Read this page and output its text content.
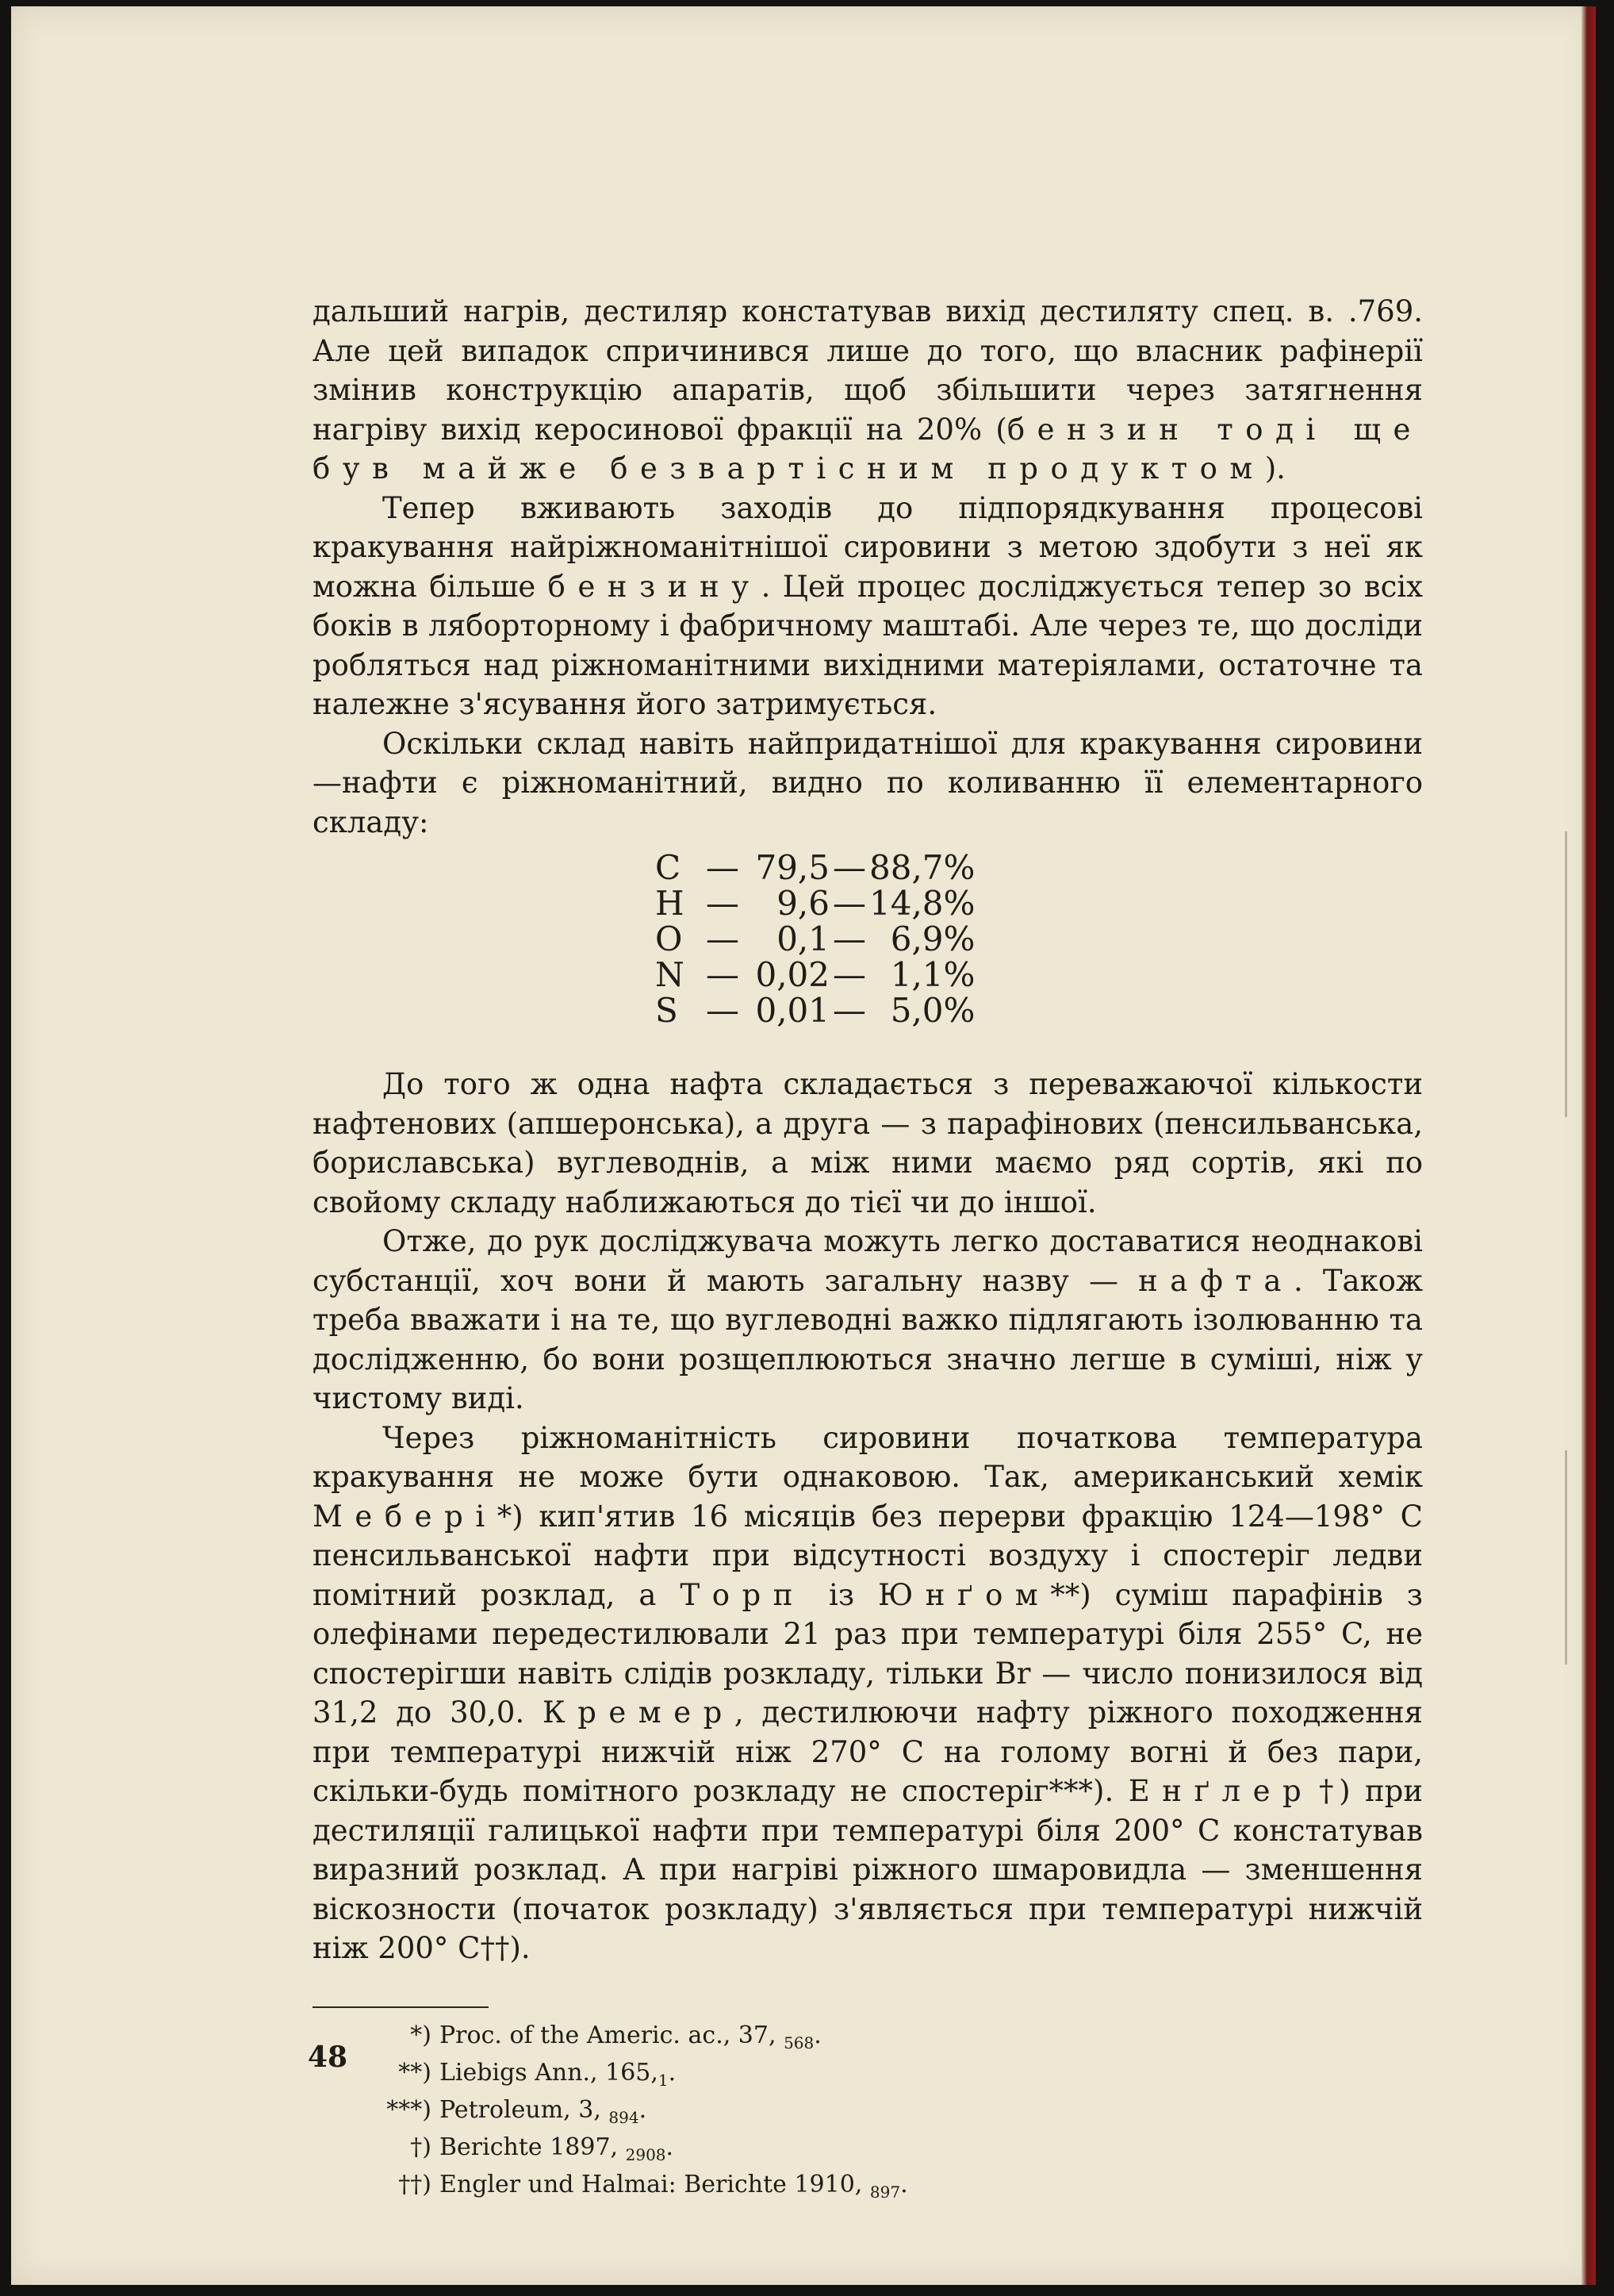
дальший нагрів, дестиляр констатував вихід дестиляту спец. в. .769. Але цей випадок спричинився лише до того, що власник рафінерії змінив конструкцію апаратів, щоб збільшити через затягнення нагріву вихід керосинової фракції на 20% (бензин тоді ще був майже безвартісним продуктом).

Тепер вживають заходів до підпорядкування процесові кракування найріжноманітнішої сировини з метою здобути з неї як можна більше бензину. Цей процес досліджується тепер зо всіх боків в ляборторному і фабричному маштабі. Але через те, що досліди робляться над ріжноманітними вихідними матеріялами, остаточне та належне з'ясування його затримується.

Оскільки склад навіть найпридатнішої для кракування сировини —нафти є ріжноманітний, видно по коливанню її елементарного складу:

C	—	79,5	—	88,7%
H	—	9,6	—	14,8%
O	—	0,1	—	6,9%
N	—	0,02	—	1,1%
S	—	0,01	—	5,0%

До того ж одна нафта складається з переважаючої кількости нафтенових (апшеронська), а друга — з парафінових (пенсильванська, бориславська) вуглеводнів, а між ними маємо ряд сортів, які по свойому складу наближаються до тієї чи до іншої.

Отже, до рук досліджувача можуть легко доставатися неоднакові субстанції, хоч вони й мають загальну назву — нафта. Також треба вважати і на те, що вуглеводні важко підлягають ізолюванню та дослідженню, бо вони розщеплюються значно легше в суміші, ніж у чистому виді.

Через ріжноманітність сировини початкова температура кракування не може бути однаковою. Так, американський хемік Мебері*) кип'ятив 16 місяців без перерви фракцію 124—198° C пенсильванської нафти при відсутності воздуху і спостеріг ледви помітний розклад, а Торп із Юнґом**) суміш парафінів з олефінами передестилювали 21 раз при температурі біля 255° C, не спостерігши навіть слідів розкладу, тільки Br — число понизилося від 31,2 до 30,0. Кремер, дестилюючи нафту ріжного походження при температурі нижчій ніж 270° C на голому вогні й без пари, скільки-будь помітного розкладу не спостеріг***). Енґлер†) при дестиляції галицької нафти при температурі біля 200° C констатував виразний розклад. А при нагріві ріжного шмаровидла — зменшення віскозности (початок розкладу) з'являється при температурі нижчій ніж 200° C††).

*) Proc. of the Americ. ac., 37, $_{568}$.
**) Liebigs Ann., $165,_1$.
***) Petroleum, 3, $_{894}$.
†) Berichte 1897, $_{2908}$.
††) Engler und Halmai: Berichte 1910, $_{897}$.
48
